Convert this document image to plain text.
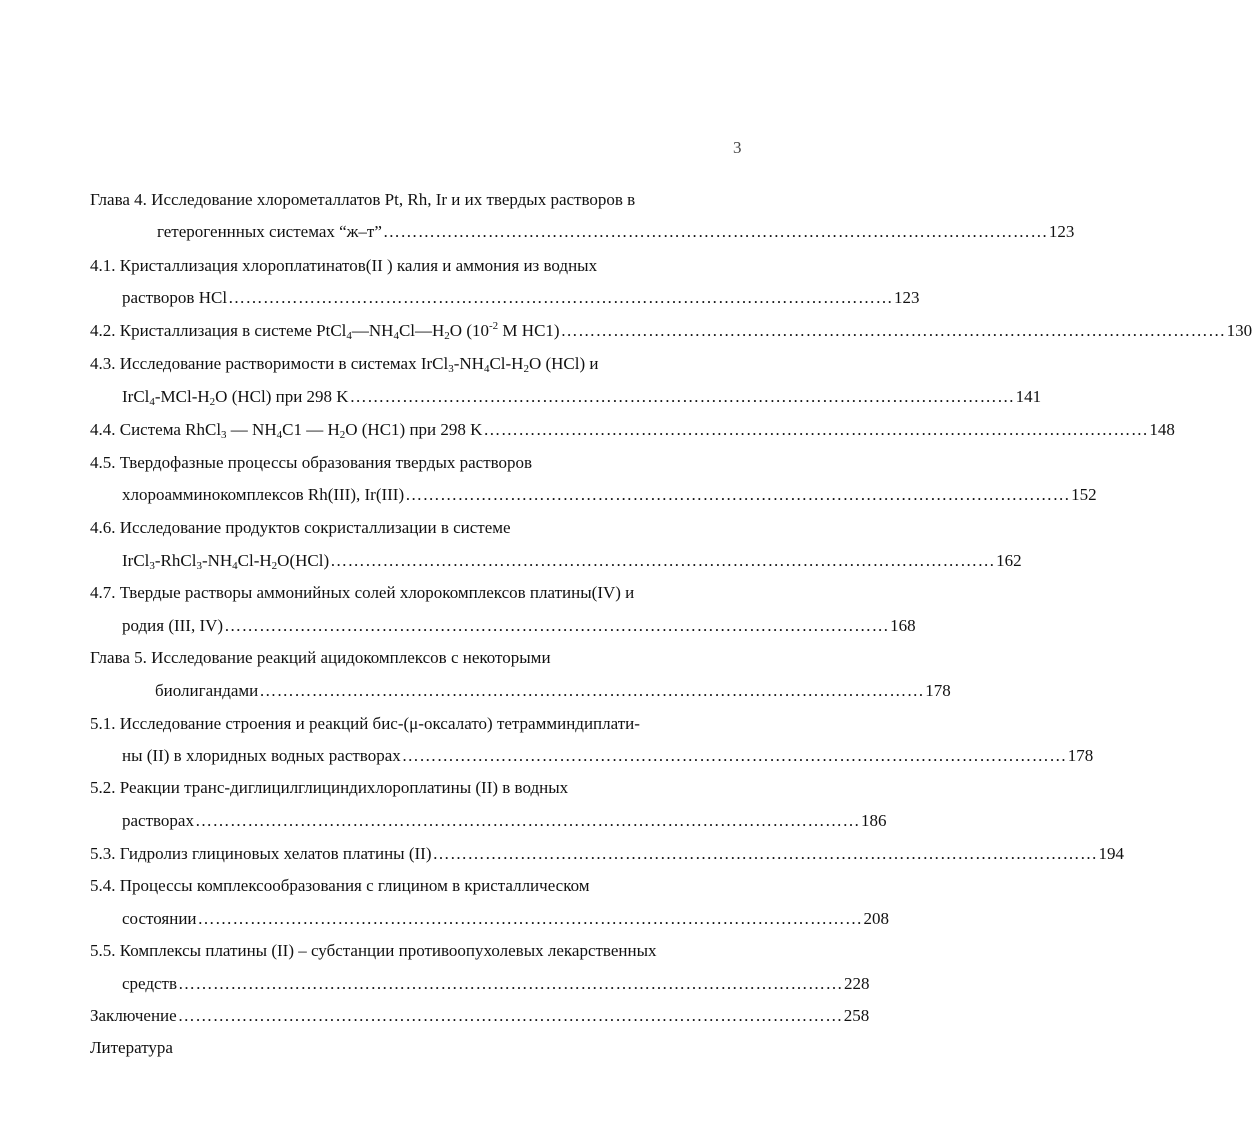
3
Глава 4. Исследование хлорометаллатов Pt, Rh, Ir и их твердых растворов в
гетерогеннных системах “ж–т” …………………………………………………………………………………………………… 123
4.1. Кристаллизация хлороплатинатов(II ) калия и аммония из водных
растворов HCl …………………………………………………………………………………………………… 123
4.2. Кристаллизация в системе $PtCl_4—NH_4Cl—H_2O$ ($10^{-2}$ M HC1) …………………………………………………………………………………………………… 130
4.3. Исследование растворимости в системах $IrCl_3-NH_4Cl-H_2O$ (HCl) и
$IrCl_4-MCl-H_2O$ (HCl) при 298 K …………………………………………………………………………………………………… 141
4.4. Система RhCl$_3$ — $NH_4C1$ — $H_2O$ (HC1) при 298 K …………………………………………………………………………………………………… 148
4.5. Твердофазные процессы образования твердых растворов
хлороамминокомплексов Rh(III), Ir(III) …………………………………………………………………………………………………… 152
4.6. Исследование продуктов сокристаллизации в системе
$IrCl_3-RhCl_3-NH_4Cl-H_2O(HCl)$ …………………………………………………………………………………………………… 162
4.7. Твердые растворы аммонийных солей хлорокомплексов платины(IV) и
родия (III, IV) …………………………………………………………………………………………………… 168
Глава 5. Исследование реакций ацидокомплексов с некоторыми
биолигандами …………………………………………………………………………………………………… 178
5.1. Исследование строения и реакций бис-(μ-оксалато) тетрамминдиплати-
ны (II) в хлоридных водных растворах …………………………………………………………………………………………………… 178
5.2. Реакции транс-диглицилглициндихлороплатины (II) в водных
растворах …………………………………………………………………………………………………… 186
5.3. Гидролиз глициновых хелатов платины (II) …………………………………………………………………………………………………… 194
5.4. Процессы комплексообразования с глицином в кристаллическом
состоянии …………………………………………………………………………………………………… 208
5.5. Комплексы платины (II) – субстанции противоопухолевых лекарственных
средств …………………………………………………………………………………………………… 228
Заключение …………………………………………………………………………………………………… 258
Литература
